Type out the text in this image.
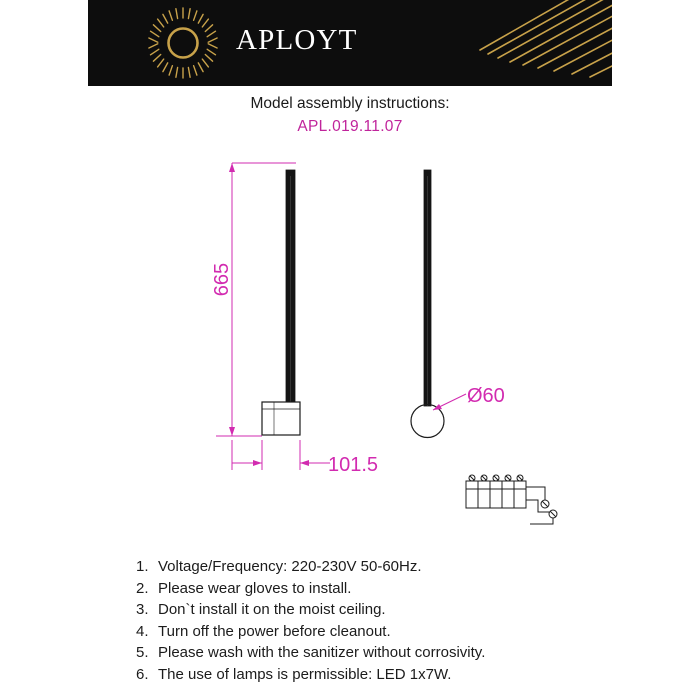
APLOYT
Model assembly instructions:
APL.019.11.07
665
101.5
Ø60
1. Voltage/Frequency: 220-230V 50-60Hz.
2. Please wear gloves to install.
3. Don`t install it on the moist ceiling.
4. Turn off the power before cleanout.
5. Please wash with the sanitizer without corrosivity.
6. The use of lamps is permissible: LED 1x7W.
